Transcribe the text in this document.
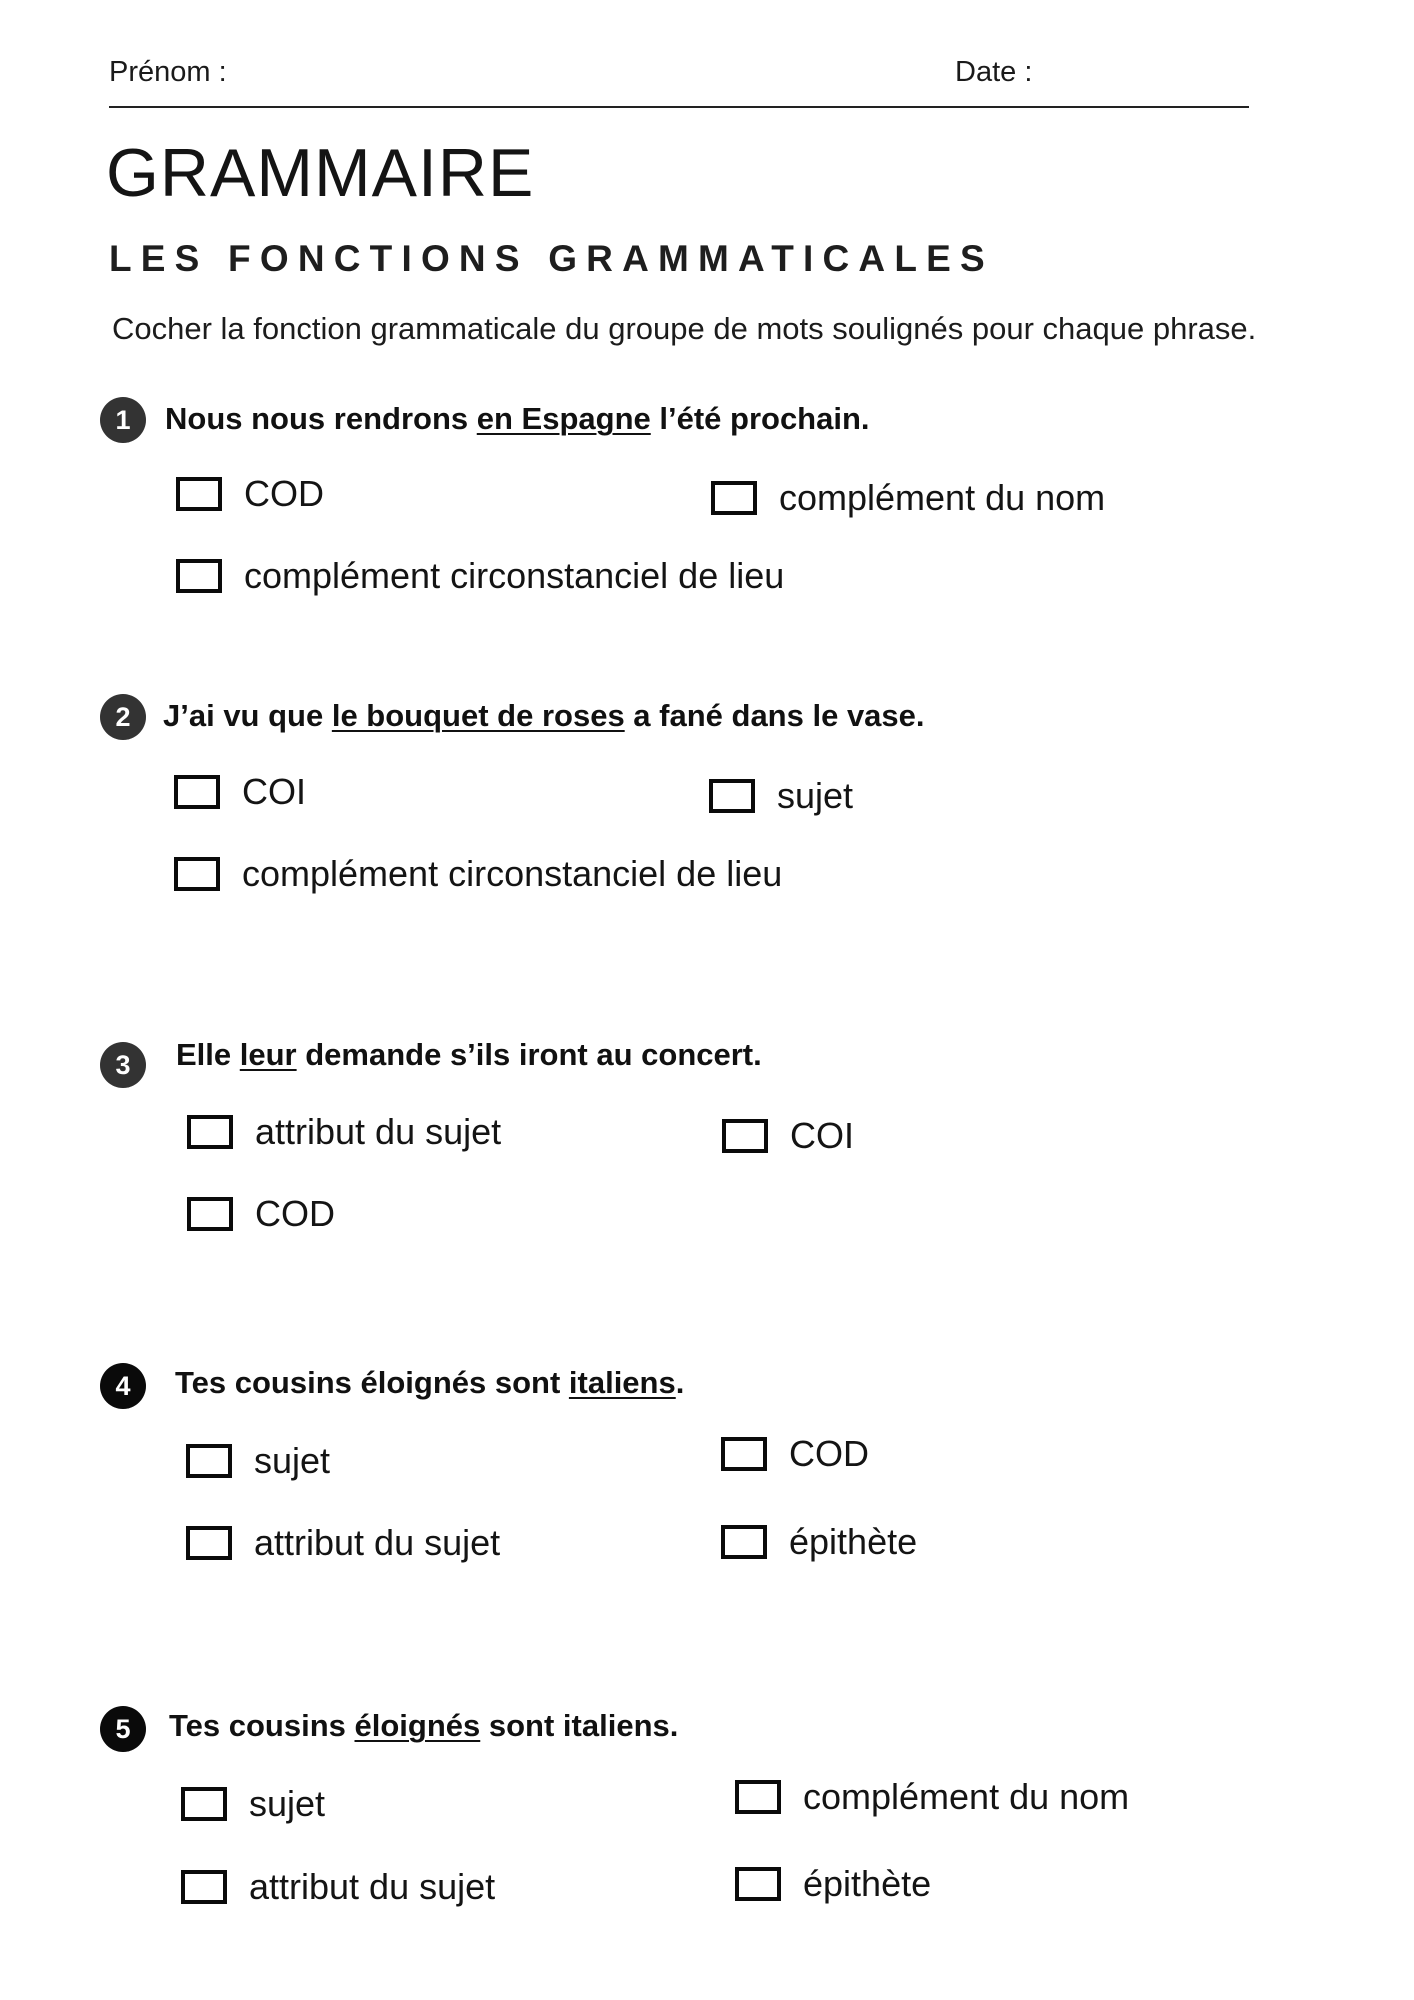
Prénom :	Date :
GRAMMAIRE
LES FONCTIONS GRAMMATICALES
Cocher la fonction grammaticale du groupe de mots soulignés pour chaque phrase.
1	Nous nous rendrons en Espagne l’été prochain.
COD	complément du nom
complément circonstanciel de lieu
2	J’ai vu que le bouquet de roses a fané dans le vase.
COI	sujet
complément circonstanciel de lieu
3	Elle leur demande s’ils iront au concert.
attribut du sujet	COI
COD
4	Tes cousins éloignés sont italiens.
sujet	COD
attribut du sujet	épithète
5	Tes cousins éloignés sont italiens.
sujet	complément du nom
attribut du sujet	épithète
